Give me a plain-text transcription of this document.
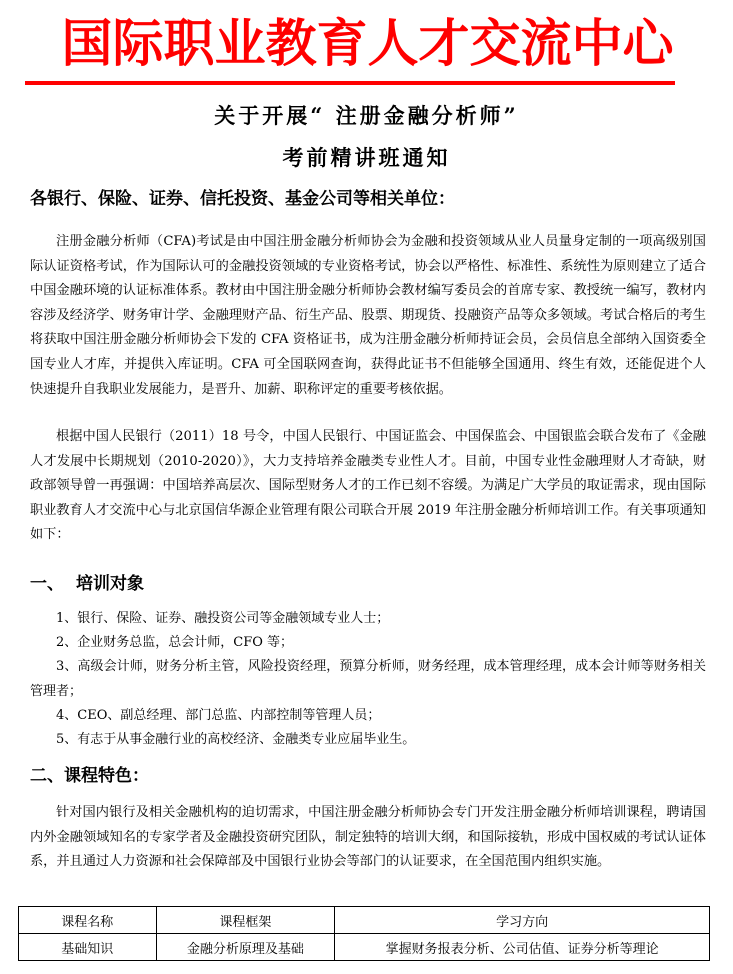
国际职业教育人才交流中心
关于开展“ 注册金融分析师”
考前精讲班通知
各银行、保险、证券、信托投资、基金公司等相关单位：

注册金融分析师（CFA)考试是由中国注册金融分析师协会为金融和投资领域从业人员量身定制的一项高级别国际认证资格考试，作为国际认可的金融投资领域的专业资格考试，协会以严格性、标准性、系统性为原则建立了适合中国金融环境的认证标准体系。教材由中国注册金融分析师协会教材编写委员会的首席专家、教授统一编写，教材内容涉及经济学、财务审计学、金融理财产品、衍生产品、股票、期现货、投融资产品等众多领域。考试合格后的考生将获取中国注册金融分析师协会下发的 CFA 资格证书，成为注册金融分析师持证会员，会员信息全部纳入国资委全国专业人才库，并提供入库证明。CFA 可全国联网查询，获得此证书不但能够全国通用、终生有效，还能促进个人快速提升自我职业发展能力，是晋升、加薪、职称评定的重要考核依据。

根据中国人民银行（2011）18 号令，中国人民银行、中国证监会、中国保监会、中国银监会联合发布了《金融人才发展中长期规划（2010-2020）》，大力支持培养金融类专业性人才。目前，中国专业性金融理财人才奇缺，财政部领导曾一再强调：中国培养高层次、国际型财务人才的工作已刻不容缓。为满足广大学员的取证需求，现由国际职业教育人才交流中心与北京国信华源企业管理有限公司联合开展 2019 年注册金融分析师培训工作。有关事项通知如下：

一、 培训对象
1、银行、保险、证券、融投资公司等金融领域专业人士；
2、企业财务总监，总会计师，CFO 等；
3、高级会计师，财务分析主管，风险投资经理，预算分析师，财务经理，成本管理经理，成本会计师等财务相关管理者；
4、CEO、副总经理、部门总监、内部控制等管理人员；
5、有志于从事金融行业的高校经济、金融类专业应届毕业生。
二、课程特色：

针对国内银行及相关金融机构的迫切需求，中国注册金融分析师协会专门开发注册金融分析师培训课程，聘请国内外金融领域知名的专家学者及金融投资研究团队，制定独特的培训大纲，和国际接轨，形成中国权威的考试认证体系，并且通过人力资源和社会保障部及中国银行业协会等部门的认证要求，在全国范围内组织实施。

课程名称	课程框架	学习方向
基础知识	金融分析原理及基础	掌握财务报表分析、公司估值、证券分析等理论
